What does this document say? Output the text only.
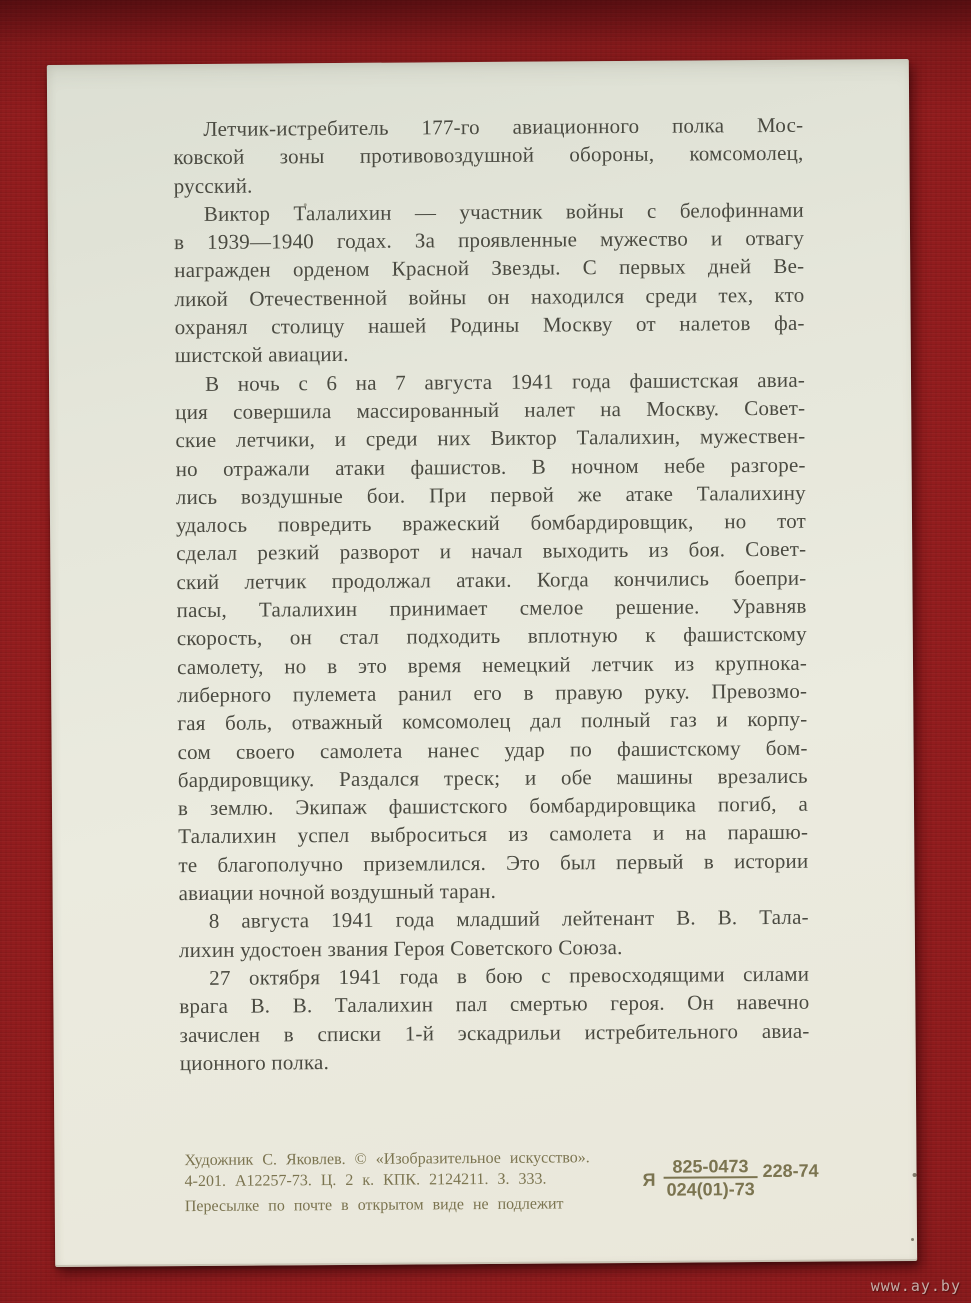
Летчик-истребитель 177-го авиационного полка Мос-
ковской зоны противовоздушной обороны, комсомолец,
русский.
Виктор Талалихин — участник войны с белофиннами
в 1939—1940 годах. За проявленные мужество и отвагу
награжден орденом Красной Звезды. С первых дней Ве-
ликой Отечественной войны он находился среди тех, кто
охранял столицу нашей Родины Москву от налетов фа-
шистской авиации.
В ночь с 6 на 7 августа 1941 года фашистская авиа-
ция совершила массированный налет на Москву. Совет-
ские летчики, и среди них Виктор Талалихин, мужествен-
но отражали атаки фашистов. В ночном небе разгоре-
лись воздушные бои. При первой же атаке Талалихину
удалось повредить вражеский бомбардировщик, но тот
сделал резкий разворот и начал выходить из боя. Совет-
ский летчик продолжал атаки. Когда кончились боепри-
пасы, Талалихин принимает смелое решение. Уравняв
скорость, он стал подходить вплотную к фашистскому
самолету, но в это время немецкий летчик из крупнока-
либерного пулемета ранил его в правую руку. Превозмо-
гая боль, отважный комсомолец дал полный газ и корпу-
сом своего самолета нанес удар по фашистскому бом-
бардировщику. Раздался треск; и обе машины врезались
в землю. Экипаж фашистского бомбардировщика погиб, а
Талалихин успел выброситься из самолета и на парашю-
те благополучно приземлился. Это был первый в истории
авиации ночной воздушный таран.
8 августа 1941 года младший лейтенант В. В. Тала-
лихин удостоен звания Героя Советского Союза.
27 октября 1941 года в бою с превосходящими силами
врага В. В. Талалихин пал смертью героя. Он навечно
зачислен в списки 1-й эскадрильи истребительного авиа-
ционного полка.
Художник С. Яковлев. © «Изобразительное искусство».
4-201. А12257-73. Ц. 2 к. КПК. 2124211. З. 333.
Пересылке по почте в открытом виде не подлежит
Я $\frac{825-0473}{024(01)-73} 228-74$
www.ay.by
